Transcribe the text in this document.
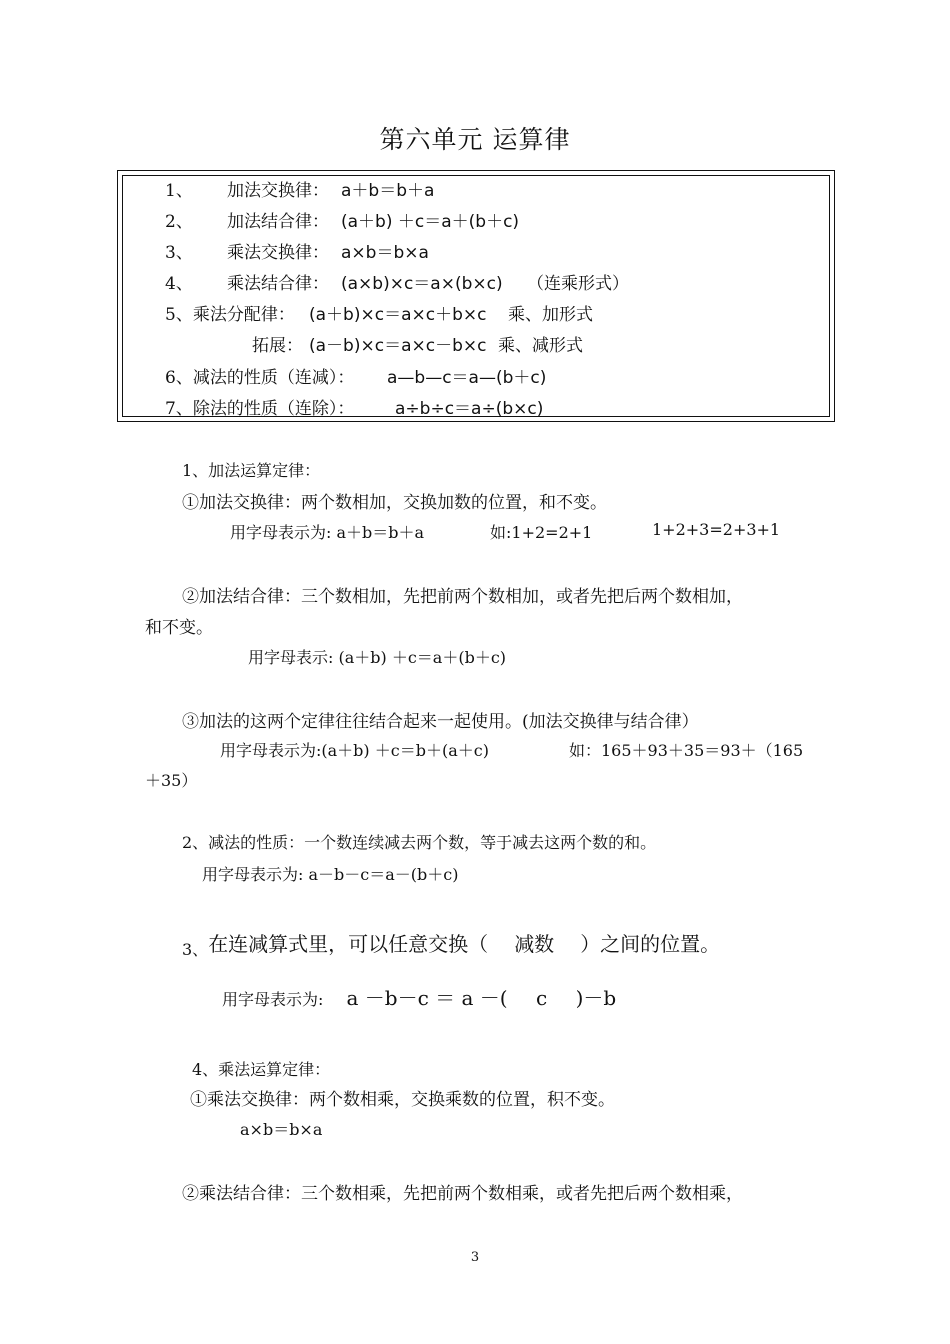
第六单元 运算律
1、 加法交换律： a＋b＝b＋a
2、 加法结合律： (a＋b) ＋c＝a＋(b＋c)
3、 乘法交换律： a×b＝b×a
4、 乘法结合律： (a×b)×c＝a×(b×c) （连乘形式）
5、乘法分配律： (a＋b)×c＝a×c＋b×c 乘、加形式
拓展： (a－b)×c＝a×c－b×c 乘、减形式
6、减法的性质（连减）： a—b—c＝a—(b＋c)
7、除法的性质（连除）： a÷b÷c＝a÷(b×c)
1、加法运算定律：
①加法交换律：两个数相加，交换加数的位置，和不变。
用字母表示为: a＋b＝b＋a	如:1+2=2+1	1+2+3=2+3+1
②加法结合律：三个数相加，先把前两个数相加，或者先把后两个数相加，
和不变。
用字母表示: (a＋b) ＋c＝a＋(b＋c)
③加法的这两个定律往往结合起来一起使用。(加法交换律与结合律）
用字母表示为:(a＋b) ＋c＝b＋(a＋c)	如：165＋93＋35＝93＋（165
＋35）
2、减法的性质：一个数连续减去两个数，等于减去这两个数的和。
用字母表示为: a－b－c＝a－(b＋c)
3、在连减算式里，可以任意交换（ 减数 ）之间的位置。
用字母表示为: a －b－c ＝ a －( c )－b
4、乘法运算定律：
①乘法交换律：两个数相乘，交换乘数的位置，积不变。
a×b＝b×a
②乘法结合律：三个数相乘，先把前两个数相乘，或者先把后两个数相乘，
3
